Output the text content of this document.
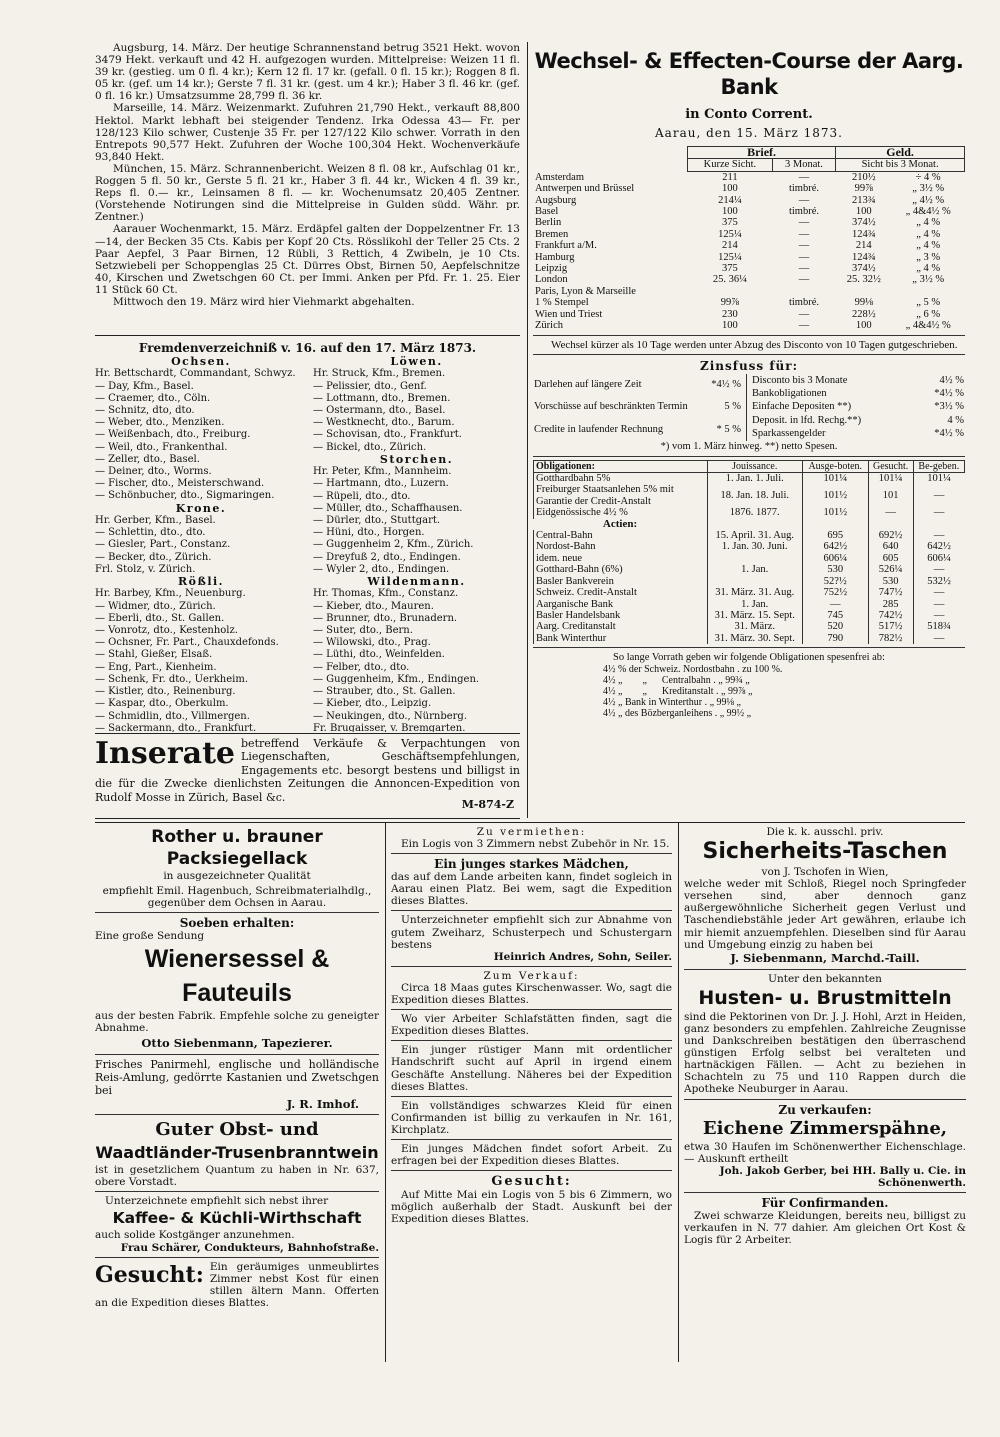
Augsburg, 14. März. Der heutige Schrannenstand betrug 3521 Hekt. wovon 3479 Hekt. verkauft und 42 H. aufgezogen wurden. Mittelpreise: Weizen 11 fl. 39 kr. (gestieg. um 0 fl. 4 kr.); Kern 12 fl. 17 kr. (gefall. 0 fl. 15 kr.); Roggen 8 fl. 05 kr. (gef. um 14 kr.); Gerste 7 fl. 31 kr. (gest. um 4 kr.); Haber 3 fl. 46 kr. (gef. 0 fl. 16 kr.) Umsatzsumme 28,799 fl. 36 kr.

Marseille, 14. März. Weizenmarkt. Zufuhren 21,790 Hekt., verkauft 88,800 Hektol. Markt lebhaft bei steigender Tendenz. Irka Odessa 43— Fr. per 128/123 Kilo schwer, Custenje 35 Fr. per 127/122 Kilo schwer. Vorrath in den Entrepots 90,577 Hekt. Zufuhren der Woche 100,304 Hekt. Wochenverkäufe 93,840 Hekt.

München, 15. März. Schrannenbericht. Weizen 8 fl. 08 kr., Aufschlag 01 kr., Roggen 5 fl. 50 kr., Gerste 5 fl. 21 kr., Haber 3 fl. 44 kr., Wicken 4 fl. 39 kr., Reps fl. 0.— kr., Leinsamen 8 fl. — kr. Wochenumsatz 20,405 Zentner. (Vorstehende Notirungen sind die Mittelpreise in Gulden südd. Währ. pr. Zentner.)

Aarauer Wochenmarkt, 15. März. Erdäpfel galten der Doppelzentner Fr. 13—14, der Becken 35 Cts. Kabis per Kopf 20 Cts. Rösslikohl der Teller 25 Cts. 2 Paar Aepfel, 3 Paar Birnen, 12 Rübli, 3 Rettich, 4 Zwibeln, je 10 Cts. Setzwiebeli per Schoppenglas 25 Ct. Dürres Obst, Birnen 50, Aepfelschnitze 40, Kirschen und Zwetschgen 60 Ct. per Immi. Anken per Pfd. Fr. 1. 25. Eier 11 Stück 60 Ct.

Mittwoch den 19. März wird hier Viehmarkt abgehalten.

Fremdenverzeichniß v. 16. auf den 17. März 1873.
Ochsen.
Hr. Bettschardt, Commandant, Schwyz.
— Day, Kfm., Basel.
— Craemer, dto., Cöln.
— Schnitz, dto, dto.
— Weber, dto., Menziken.
— Weißenbach, dto., Freiburg.
— Weil, dto., Frankenthal.
— Zeller, dto., Basel.
— Deiner, dto., Worms.
— Fischer, dto., Meisterschwand.
— Schönbucher, dto., Sigmaringen.
Krone.
Hr. Gerber, Kfm., Basel.
— Schlettin, dto., dto.
— Giesler, Part., Constanz.
— Becker, dto., Zürich.
Frl. Stolz, v. Zürich.
Rößli.
Hr. Barbey, Kfm., Neuenburg.
— Widmer, dto., Zürich.
— Eberli, dto., St. Gallen.
— Vonrotz, dto., Kestenholz.
— Ochsner, Fr. Part., Chauxdefonds.
— Stahl, Gießer, Elsaß.
— Eng, Part., Kienheim.
— Schenk, Fr. dto., Uerkheim.
— Kistler, dto., Reinenburg.
— Kaspar, dto., Oberkulm.
— Schmidlin, dto., Villmergen.
— Sackermann, dto., Frankfurt.
Löwen.
Hr. Struck, Kfm., Bremen.
— Pelissier, dto., Genf.
— Lottmann, dto., Bremen.
— Ostermann, dto., Basel.
— Westknecht, dto., Barum.
— Schovisan, dto., Frankfurt.
— Bickel, dto., Zürich.
Storchen.
Hr. Peter, Kfm., Mannheim.
— Hartmann, dto., Luzern.
— Rüpeli, dto., dto.
— Müller, dto., Schaffhausen.
— Dürler, dto., Stuttgart.
— Hüni, dto., Horgen.
— Guggenheim 2, Kfm., Zürich.
— Dreyfuß 2, dto., Endingen.
— Wyler 2, dto., Endingen.
Wildenmann.
Hr. Thomas, Kfm., Constanz.
— Kieber, dto., Mauren.
— Brunner, dto., Brunadern.
— Suter, dto., Bern.
— Wilowski, dto., Prag.
— Lüthi, dto., Weinfelden.
— Felber, dto., dto.
— Guggenheim, Kfm., Endingen.
— Strauber, dto., St. Gallen.
— Kieber, dto., Leipzig.
— Neukingen, dto., Nürnberg.
Fr. Brugaisser, v. Bremgarten.
Inserate betreffend Verkäufe & Verpachtungen von Liegenschaften, Geschäftsempfehlungen, Engagements etc. besorgt bestens und billigst in die für die Zwecke dienlichsten Zeitungen die Annoncen-Expedition von Rudolf Mosse in Zürich, Basel &c.

M-874-Z
Wechsel- & Effecten-Course der Aarg. Bank
in Conto Corrent.
Aarau, den 15. März 1873.
	Brief.		Geld.	
	Kurze Sicht.	3 Monat.	Sicht bis 3 Monat.	
Amsterdam	211	—	210½	÷ 4 %
Antwerpen und Brüssel	100	timbré.	99⅞	„ 3½ %
Augsburg	214¼	—	213¾	„ 4½ %
Basel	100	timbré.	100	„ 4&4½ %
Berlin	375	—	374½	„ 4 %
Bremen	125¼	—	124¾	„ 4 %
Frankfurt a/M.	214	—	214	„ 4 %
Hamburg	125¼	—	124¾	„ 3 %
Leipzig	375	—	374½	„ 4 %
London	25. 36¼	—	25. 32½	„ 3½ %
Paris, Lyon & Marseille				
1 % Stempel	99⅞	timbré.	99⅛	„ 5 %
Wien und Triest	230	—	228½	„ 6 %
Zürich	100	—	100	„ 4&4½ %

Wechsel kürzer als 10 Tage werden unter Abzug des Disconto von 10 Tagen gutgeschrieben.

Zinsfuss für:
Darlehen auf längere Zeit	*4½ %
Vorschüsse auf beschränkten Termin	5 %
Credite in laufender Rechnung	* 5 %
Disconto bis 3 Monate	4½ %
Bankobligationen	*4½ %
Einfache Depositen **)	*3½ %
Deposit. in lfd. Rechg.**)	4 %
Sparkassengelder	*4½ %
*) vom 1. März hinweg. **) netto Spesen.
Obligationen:	Jouissance.	Ausge-boten.	Gesucht.	Be-geben.
Gotthardbahn 5%	1. Jan. 1. Juli.	101¼	101¼	101¼
Freiburger Staatsanlehen 5% mit Garantie der Credit-Anstalt	18. Jan. 18. Juli.	101½	101	—
Eidgenössische 4½ %	1876. 1877.	101½	—	—
Actien:				
Central-Bahn	15. April. 31. Aug.	695	692½	—
Nordost-Bahn	1. Jan. 30. Juni.	642½	640	642½
idem. neue		606¼	605	606¼
Gotthard-Bahn (6%)	1. Jan.	530	526¼	—
Basler Bankverein		52?½	530	532½
Schweiz. Credit-Anstalt	31. März. 31. Aug.	752½	747½	—
Aarganische Bank	1. Jan.	—	285	—
Basler Handelsbank	31. März. 15. Sept.	745	742½	—
Aarg. Creditanstalt	31. März.	520	517½	518¾
Bank Winterthur	31. März. 30. Sept.	790	782½	—
So lange Vorrath geben wir folgende Obligationen spesenfrei ab:
4½ % der Schweiz. Nordostbahn . zu 100 %.
4½ „        „      Centralbahn . „ 99¾ „
4½ „        „      Kreditanstalt . „ 99⅞ „
4½ „ Bank in Winterthur . „ 99⅛ „
4½ „ des Bözberganleihens . „ 99½ „
Rother u. brauner Packsiegellack
in ausgezeichneter Qualität

empfiehlt Emil. Hagenbuch, Schreibmaterialhdlg., gegenüber dem Ochsen in Aarau.

Soeben erhalten:
Eine große Sendung
Wienersessel & Fauteuils

aus der besten Fabrik. Empfehle solche zu geneigter Abnahme.

Otto Siebenmann, Tapezierer.

Frisches Panirmehl, englische und holländische Reis-Amlung, gedörrte Kastanien und Zwetschgen bei

J. R. Imhof.
Guter Obst- und
Waadtländer-Trusenbranntwein

ist in gesetzlichem Quantum zu haben in Nr. 637, obere Vorstadt.

Unterzeichnete empfiehlt sich nebst ihrer
Kaffee- & Küchli-Wirthschaft
auch solide Kostgänger anzunehmen.
Frau Schärer, Condukteurs, Bahnhofstraße.
Gesucht: Ein geräumiges unmeublirtes Zimmer nebst Kost für einen stillen ältern Mann. Offerten an die Expedition dieses Blattes.

Zu vermiethen:

Ein Logis von 3 Zimmern nebst Zubehör in Nr. 15.

Ein junges starkes Mädchen,

das auf dem Lande arbeiten kann, findet sogleich in Aarau einen Platz. Bei wem, sagt die Expedition dieses Blattes.

Unterzeichneter empfiehlt sich zur Abnahme von gutem Zweiharz, Schusterpech und Schustergarn bestens

Heinrich Andres, Sohn, Seiler.
Zum Verkauf:

Circa 18 Maas gutes Kirschenwasser. Wo, sagt die Expedition dieses Blattes.

Wo vier Arbeiter Schlafstätten finden, sagt die Expedition dieses Blattes.

Ein junger rüstiger Mann mit ordentlicher Handschrift sucht auf April in irgend einem Geschäfte Anstellung. Näheres bei der Expedition dieses Blattes.

Ein vollständiges schwarzes Kleid für einen Confirmanden ist billig zu verkaufen in Nr. 161, Kirchplatz.

Ein junges Mädchen findet sofort Arbeit. Zu erfragen bei der Expedition dieses Blattes.

Gesucht:

Auf Mitte Mai ein Logis von 5 bis 6 Zimmern, wo möglich außerhalb der Stadt. Auskunft bei der Expedition dieses Blattes.

Die k. k. ausschl. priv.
Sicherheits-Taschen
von J. Tschofen in Wien,

welche weder mit Schloß, Riegel noch Springfeder versehen sind, aber dennoch ganz außergewöhnliche Sicherheit gegen Verlust und Taschendiebstähle jeder Art gewähren, erlaube ich mir hiemit anzuempfehlen. Dieselben sind für Aarau und Umgebung einzig zu haben bei

J. Siebenmann, Marchd.-Taill.
Unter den bekannten
Husten- u. Brustmitteln

sind die Pektorinen von Dr. J. J. Hohl, Arzt in Heiden, ganz besonders zu empfehlen. Zahlreiche Zeugnisse und Dankschreiben bestätigen den überraschend günstigen Erfolg selbst bei veralteten und hartnäckigen Fällen. — Acht zu beziehen in Schachteln zu 75 und 110 Rappen durch die Apotheke Neuburger in Aarau.

Zu verkaufen:
Eichene Zimmerspähne,

etwa 30 Haufen im Schönenwerther Eichenschlage. — Auskunft ertheilt

Joh. Jakob Gerber, bei HH. Bally u. Cie. in Schönenwerth.
Für Confirmanden.

Zwei schwarze Kleidungen, bereits neu, billigst zu verkaufen in N. 77 dahier. Am gleichen Ort Kost & Logis für 2 Arbeiter.
